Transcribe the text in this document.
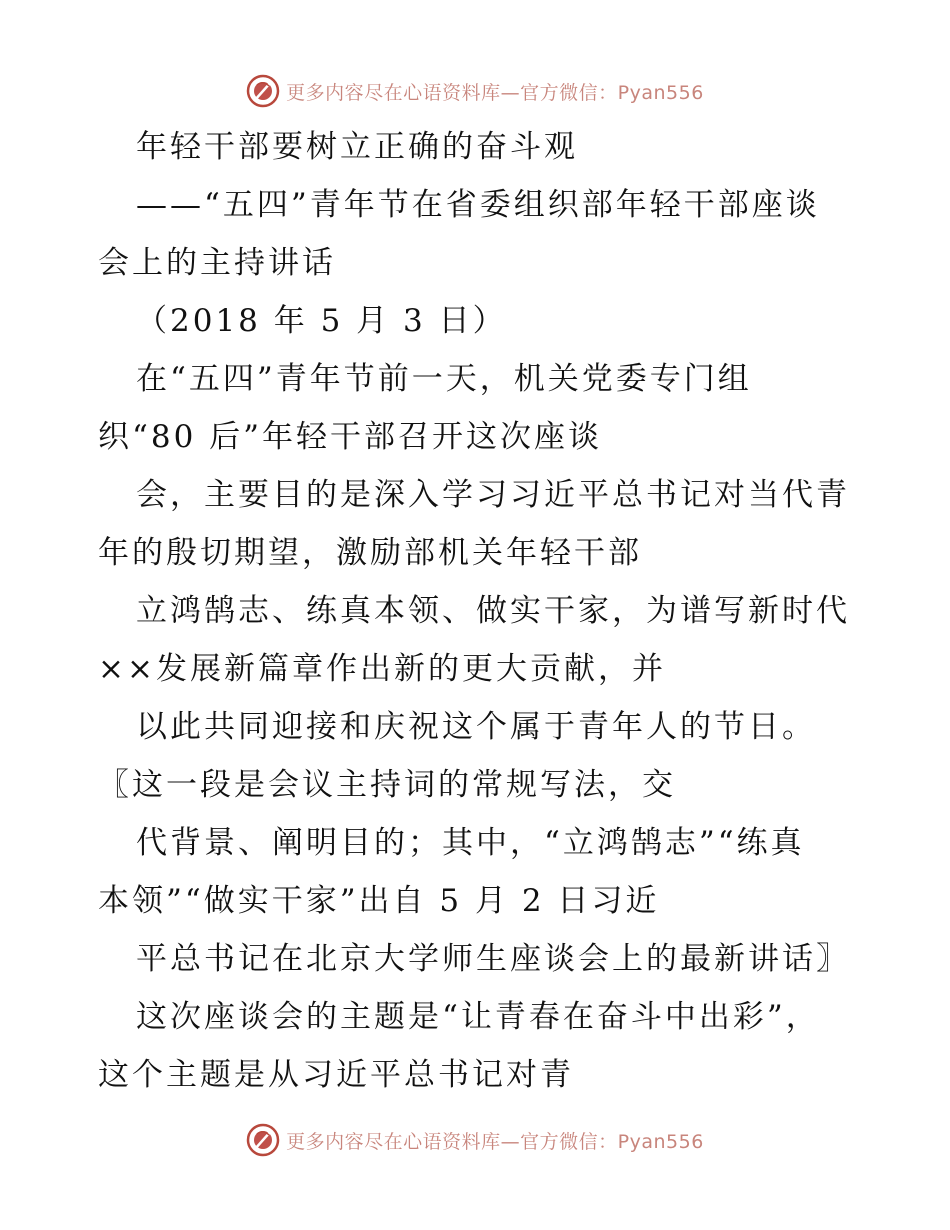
更多内容尽在心语资料库—官方微信：Pyan556
年轻干部要树立正确的奋斗观
——“五四”青年节在省委组织部年轻干部座谈
会上的主持讲话
（2018 年 5 月 3 日）
在“五四”青年节前一天，机关党委专门组
织“80 后”年轻干部召开这次座谈
会，主要目的是深入学习习近平总书记对当代青
年的殷切期望，激励部机关年轻干部
立鸿鹄志、练真本领、做实干家，为谱写新时代
××发展新篇章作出新的更大贡献，并
以此共同迎接和庆祝这个属于青年人的节日。
〖这一段是会议主持词的常规写法，交
代背景、阐明目的；其中，“立鸿鹄志”“练真
本领”“做实干家”出自 5 月 2 日习近
平总书记在北京大学师生座谈会上的最新讲话〗
这次座谈会的主题是“让青春在奋斗中出彩”，
这个主题是从习近平总书记对青
更多内容尽在心语资料库—官方微信：Pyan556
